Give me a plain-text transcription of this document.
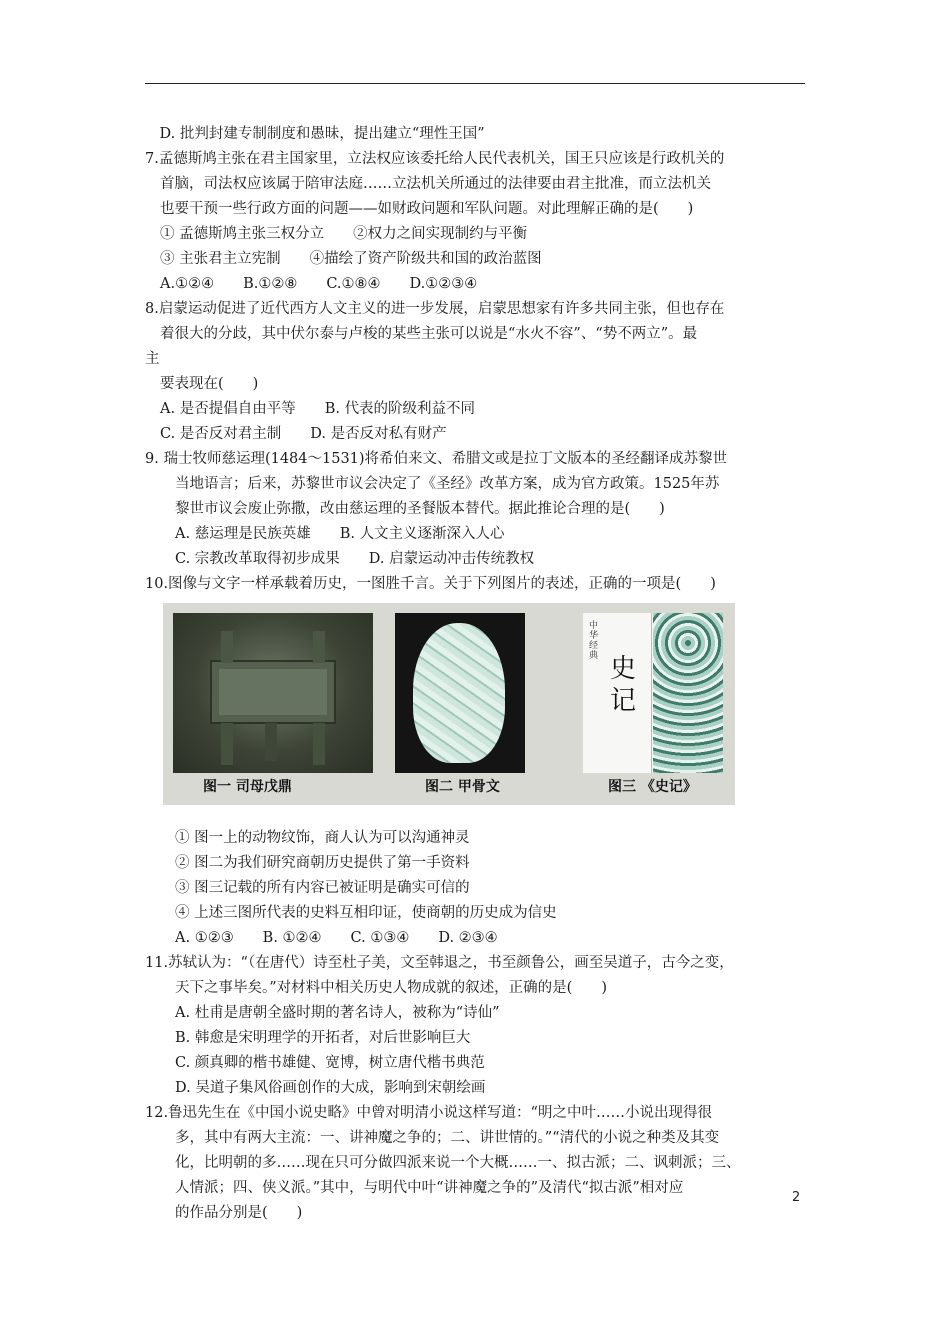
　D. 批判封建专制制度和愚昧，提出建立“理性王国”
7.孟德斯鸠主张在君主国家里，立法权应该委托给人民代表机关，国王只应该是行政机关的
首脑，司法权应该属于陪审法庭……立法机关所通过的法律要由君主批准，而立法机关
也要干预一些行政方面的问题——如财政问题和军队问题。对此理解正确的是(　　)
① 孟德斯鸠主张三权分立　　②权力之间实现制约与平衡
③ 主张君主立宪制　　④描绘了资产阶级共和国的政治蓝图
A.①②④　　B.①②⑧　　C.①⑧④　　D.①②③④
8.启蒙运动促进了近代西方人文主义的进一步发展，启蒙思想家有许多共同主张，但也存在
着很大的分歧，其中伏尔泰与卢梭的某些主张可以说是“水火不容”、“势不两立”。最
主
要表现在(　　)
A. 是否提倡自由平等　　B. 代表的阶级利益不同
C. 是否反对君主制　　D. 是否反对私有财产
9. 瑞士牧师慈运理(1484～1531)将希伯来文、希腊文或是拉丁文版本的圣经翻译成苏黎世
当地语言；后来，苏黎世市议会决定了《圣经》改革方案，成为官方政策。1525年苏
黎世市议会废止弥撒，改由慈运理的圣餐版本替代。据此推论合理的是(　　)
A. 慈运理是民族英雄　　B. 人文主义逐渐深入人心
C. 宗教改革取得初步成果　　D. 启蒙运动冲击传统教权
10.图像与文字一样承载着历史，一图胜千言。关于下列图片的表述，正确的一项是(　　)
中华经典 史记
图一 司母戊鼎	图二 甲骨文	图三 《史记》
① 图一上的动物纹饰，商人认为可以沟通神灵
② 图二为我们研究商朝历史提供了第一手资料
③ 图三记载的所有内容已被证明是确实可信的
④ 上述三图所代表的史料互相印证，使商朝的历史成为信史
A. ①②③　　B. ①②④　　C. ①③④　　D. ②③④
11.苏轼认为：“（在唐代）诗至杜子美，文至韩退之，书至颜鲁公，画至吴道子，古今之变，
天下之事毕矣。”对材料中相关历史人物成就的叙述，正确的是(　　)
A. 杜甫是唐朝全盛时期的著名诗人，被称为“诗仙”
B. 韩愈是宋明理学的开拓者，对后世影响巨大
C. 颜真卿的楷书雄健、宽博，树立唐代楷书典范
D. 吴道子集风俗画创作的大成，影响到宋朝绘画
12.鲁迅先生在《中国小说史略》中曾对明清小说这样写道：“明之中叶……小说出现得很
多，其中有两大主流：一、讲神魔之争的；二、讲世情的。”“清代的小说之种类及其变
化，比明朝的多……现在只可分做四派来说一个大概……一、拟古派；二、讽刺派；三、
人情派；四、侠义派。”其中，与明代中叶“讲神魔之争的”及清代“拟古派”相对应
的作品分别是(　　)
2
